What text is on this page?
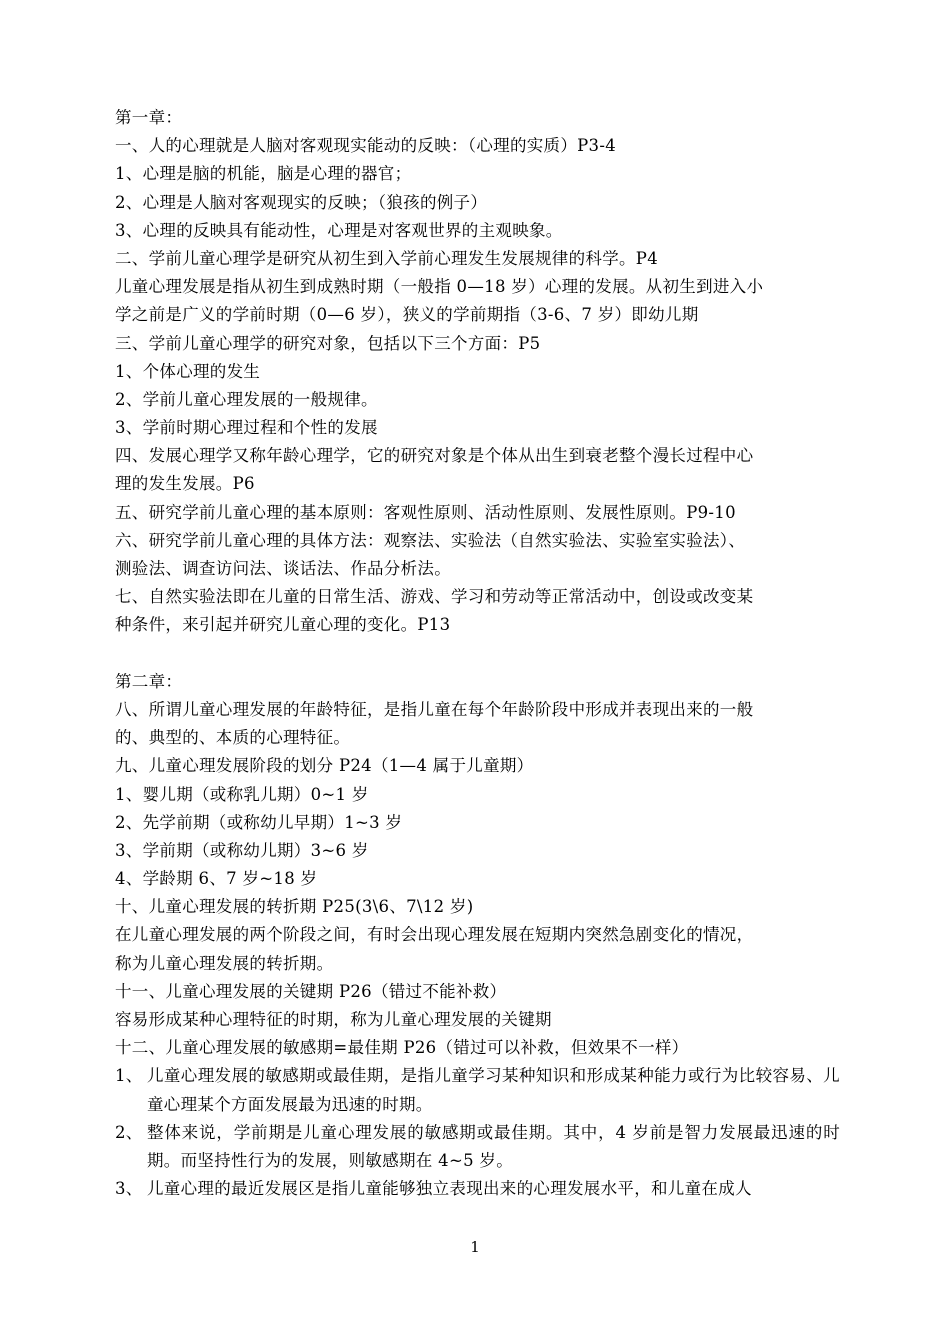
第一章：
一、人的心理就是人脑对客观现实能动的反映：（心理的实质）P3-4
1、心理是脑的机能，脑是心理的器官；
2、心理是人脑对客观现实的反映；（狼孩的例子）
3、心理的反映具有能动性，心理是对客观世界的主观映象。
二、学前儿童心理学是研究从初生到入学前心理发生发展规律的科学。P4
儿童心理发展是指从初生到成熟时期（一般指 0—18 岁）心理的发展。从初生到进入小
学之前是广义的学前时期（0—6 岁），狭义的学前期指（3-6、7 岁）即幼儿期
三、学前儿童心理学的研究对象，包括以下三个方面：P5
1、个体心理的发生
2、学前儿童心理发展的一般规律。
3、学前时期心理过程和个性的发展
四、发展心理学又称年龄心理学，它的研究对象是个体从出生到衰老整个漫长过程中心
理的发生发展。P6
五、研究学前儿童心理的基本原则：客观性原则、活动性原则、发展性原则。P9-10
六、研究学前儿童心理的具体方法：观察法、实验法（自然实验法、实验室实验法）、
测验法、调查访问法、谈话法、作品分析法。
七、自然实验法即在儿童的日常生活、游戏、学习和劳动等正常活动中，创设或改变某
种条件，来引起并研究儿童心理的变化。P13
第二章：
八、所谓儿童心理发展的年龄特征，是指儿童在每个年龄阶段中形成并表现出来的一般
的、典型的、本质的心理特征。
九、儿童心理发展阶段的划分 P24（1—4 属于儿童期）
1、婴儿期（或称乳儿期）0~1 岁
2、先学前期（或称幼儿早期）1~3 岁
3、学前期（或称幼儿期）3~6 岁
4、学龄期 6、7 岁~18 岁
十、儿童心理发展的转折期 P25(3\6、7\12 岁)
在儿童心理发展的两个阶段之间，有时会出现心理发展在短期内突然急剧变化的情况，
称为儿童心理发展的转折期。
十一、儿童心理发展的关键期 P26（错过不能补救）
容易形成某种心理特征的时期，称为儿童心理发展的关键期
十二、儿童心理发展的敏感期=最佳期 P26（错过可以补救，但效果不一样）
1、 儿童心理发展的敏感期或最佳期，是指儿童学习某种知识和形成某种能力或行为比较容易、儿童心理某个方面发展最为迅速的时期。
2、 整体来说，学前期是儿童心理发展的敏感期或最佳期。其中，4 岁前是智力发展最迅速的时期。而坚持性行为的发展，则敏感期在 4~5 岁。
3、 儿童心理的最近发展区是指儿童能够独立表现出来的心理发展水平，和儿童在成人
1
